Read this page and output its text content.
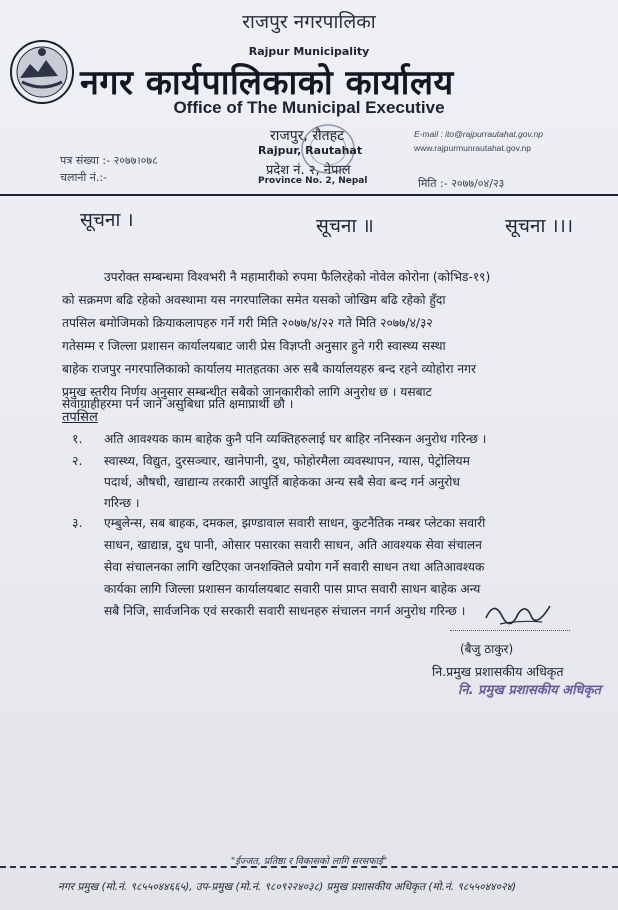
राजपुर नगरपालिका
Rajpur Municipality
नगर कार्यपालिकाको कार्यालय
Office of The Municipal Executive
राजपुर, रौतहट
Rajpur, Rautahat
प्रदेश नं. २, नेपाल
Province No. 2, Nepal
E-mail : ito@rajpurrautahat.gov.np
www.rajpurmunrautahat.gov.np
पत्र संख्या :- २०७७।०७८
चलानी नं.:-	मिति :- २०७७/०४/२३
सूचना ।	सूचना ॥	सूचना ।।।
उपरोक्त सम्बन्धमा विश्वभरी नै महामारीको रुपमा फैलिरहेको नोवेल कोरोना (कोभिड-१९)
को सक्रमण बढि रहेको अवस्थामा यस नगरपालिका समेत यसको जोखिम बढि रहेको हुँदा
तपसिल बमोजिमको क्रियाकलापहरु गर्ने गरी मिति २०७७/४/२२ गते मिति २०७७/४/३२
गतेसम्म र जिल्ला प्रशासन कार्यालयबाट जारी प्रेस विज्ञप्ती अनुसार हुने गरी स्वास्थ्य सस्था
बाहेक राजपुर नगरपालिकाको कार्यालय मातहतका अरु सबै कार्यालयहरु बन्द रहने व्योहोरा नगर
प्रमुख स्तरीय निर्णय अनुसार सम्बन्धीत सबैको जानकारीको लागि अनुरोध छ । यसबाट
तपसिल
सेवाग्राहीहरमा पर्न जाने असुबिधा प्रति क्षमाप्रार्थी छौ ।
१. अति आवश्यक काम बाहेक कुनै पनि व्यक्तिहरुलाई घर बाहिर ननिस्कन अनुरोध गरिन्छ ।
२. स्वास्थ्य, विद्युत, दुरसञ्चार, खानेपानी, दुध, फोहोरमैला व्यवस्थापन, ग्यास, पेट्रोलियम
पदार्थ, औषधी, खाद्यान्य तरकारी आपुर्ति बाहेकका अन्य सबै सेवा बन्द गर्न अनुरोध
गरिन्छ ।
३. एम्बुलेन्स, सब बाहक, दमकल, झण्डावाल सवारी साधन, कुटनैतिक नम्बर प्लेटका सवारी
साधन, खाद्यान्न, दुध पानी, ओसार पसारका सवारी साधन, अति आवश्यक सेवा संचालन
सेवा संचालनका लागि खटिएका जनशक्तिले प्रयोग गर्ने सवारी साधन तथा अतिआवश्यक
कार्यका लागि जिल्ला प्रशासन कार्यालयबाट सवारी पास प्राप्त सवारी साधन बाहेक अन्य
सबै निजि, सार्वजनिक एवं सरकारी सवारी साधनहरु संचालन नगर्न अनुरोध गरिन्छ ।
(बैजु ठाकुर)
नि.प्रमुख प्रशासकीय अधिकृत
नि. प्रमुख प्रशासकीय अधिकृत
"ईज्जत, प्रतिष्ठा र विकासको लागि सरसफाई"
नगर प्रमुख (मो.नं. ९८५५०४४६६५), उप-प्रमुख (मो.नं. ९८०९२२४०३८) प्रमुख प्रशासकीय अधिकृत (मो.नं. ९८५५०४४०२४)
